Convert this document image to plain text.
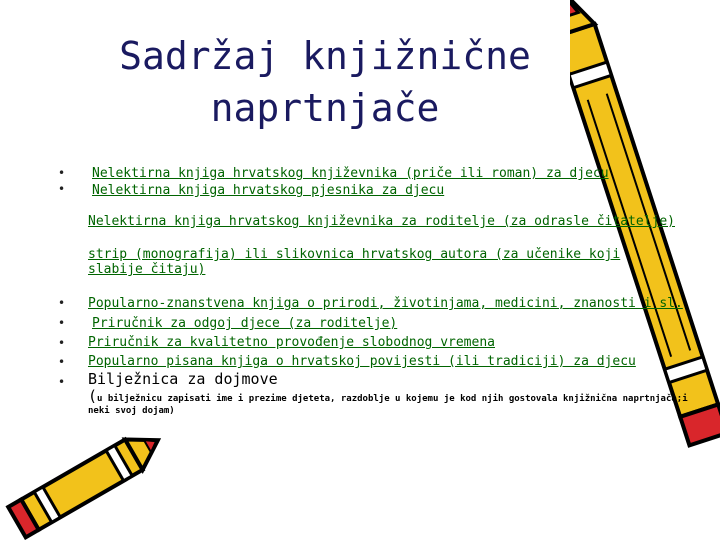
Sadržaj knjižnične naprtnjače
•
•
•
•
•
•
•
Nelektirna knjiga hrvatskog književnika (priče ili roman) za djecu
Nelektirna knjiga hrvatskog pjesnika za djecu
Nelektirna knjiga hrvatskog književnika za roditelje (za odrasle čitatelje)
strip (monografija) ili slikovnica hrvatskog autora (za učenike koji slabije čitaju)
Popularno-znanstvena knjiga o prirodi, životinjama, medicini, znanosti i sl.
Priručnik za odgoj djece (za roditelje)
Priručnik za kvalitetno provođenje slobodnog vremena
Popularno pisana knjiga o hrvatskoj povijesti (ili tradiciji) za djecu
Bilježnica za dojmove
(u bilježnicu zapisati ime i prezime djeteta, razdoblje u kojemu je kod njih gostovala knjižnična naprtnjača;i neki svoj dojam)
